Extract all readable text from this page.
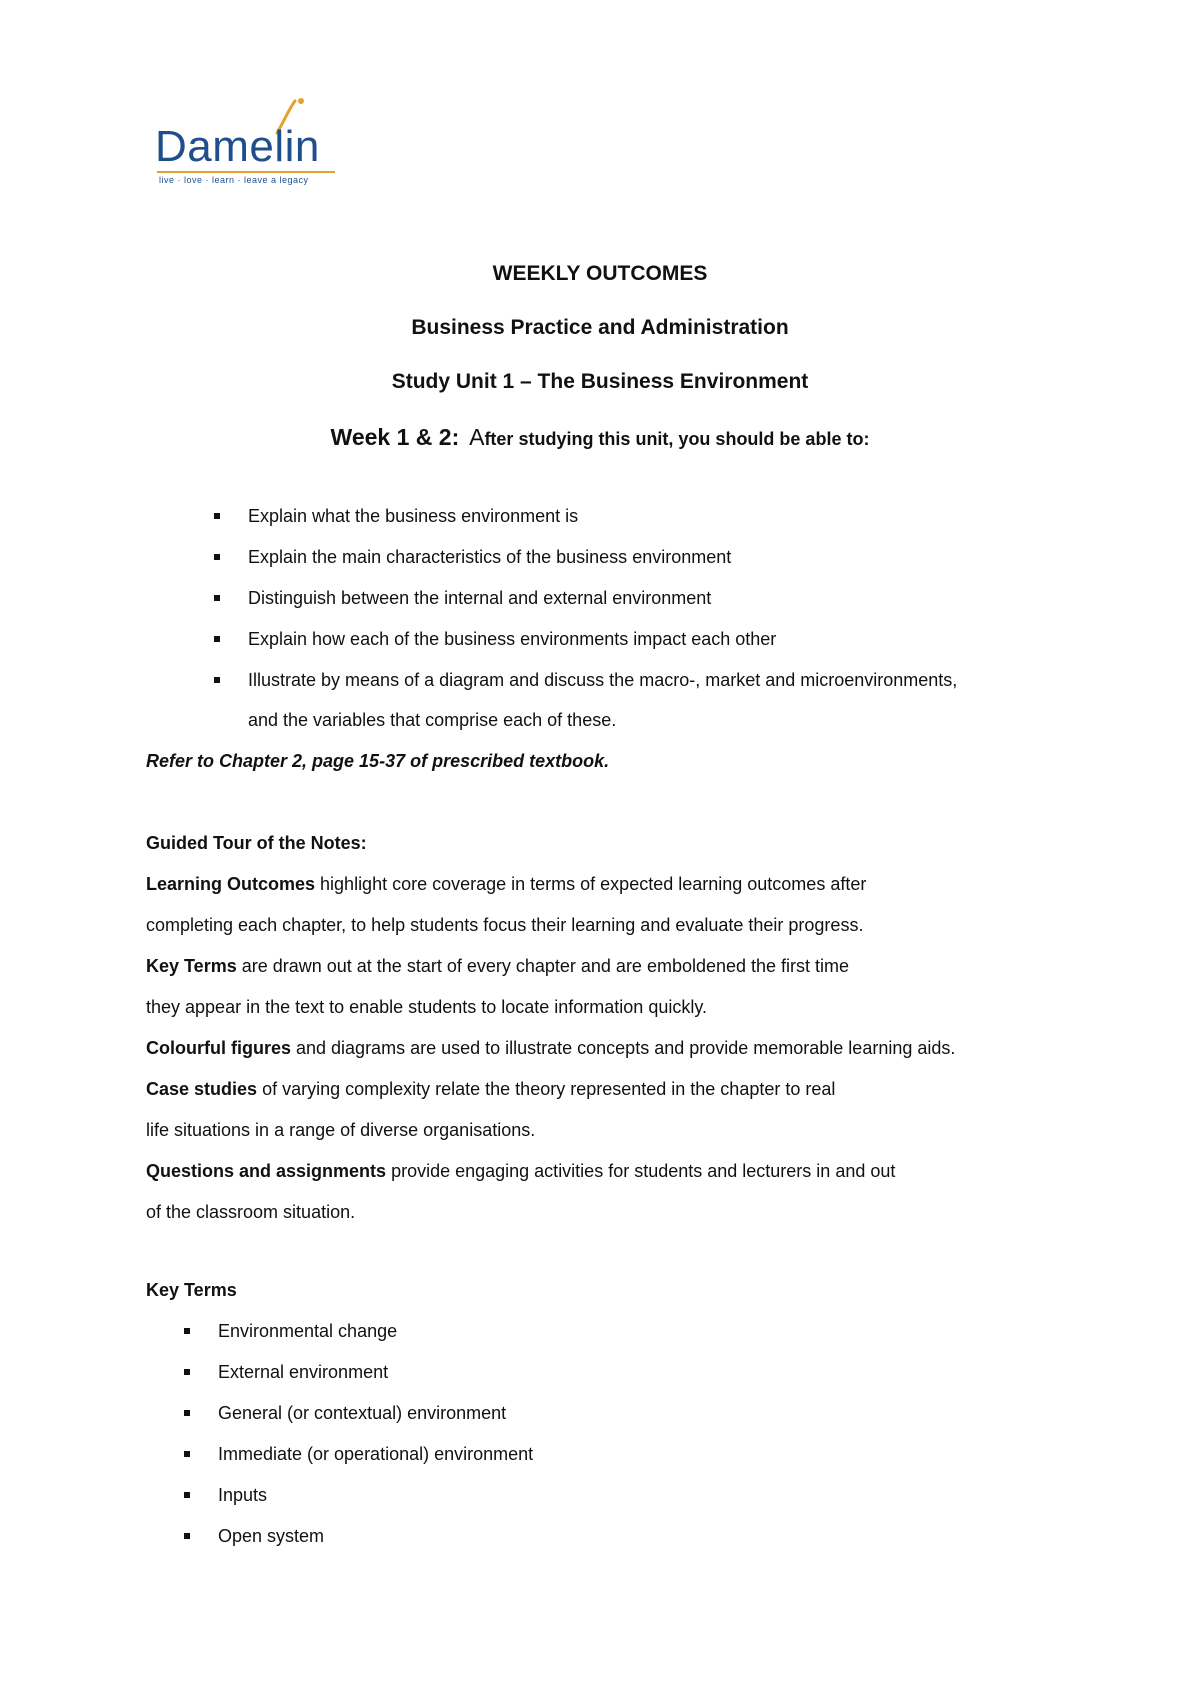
Damelin
live · love · learn · leave a legacy
WEEKLY OUTCOMES
Business Practice and Administration
Study Unit 1 – The Business Environment
Week 1 & 2: After studying this unit, you should be able to:
Explain what the business environment is
Explain the main characteristics of the business environment
Distinguish between the internal and external environment
Explain how each of the business environments impact each other
Illustrate by means of a diagram and discuss the macro-, market and microenvironments,
and the variables that comprise each of these.
Refer to Chapter 2, page 15-37 of prescribed textbook.

Guided Tour of the Notes:

Learning Outcomes highlight core coverage in terms of expected learning outcomes after

completing each chapter, to help students focus their learning and evaluate their progress.

Key Terms are drawn out at the start of every chapter and are emboldened the first time

they appear in the text to enable students to locate information quickly.

Colourful figures and diagrams are used to illustrate concepts and provide memorable learning aids.

Case studies of varying complexity relate the theory represented in the chapter to real

life situations in a range of diverse organisations.

Questions and assignments provide engaging activities for students and lecturers in and out

of the classroom situation.

Key Terms
Environmental change
External environment
General (or contextual) environment
Immediate (or operational) environment
Inputs
Open system
